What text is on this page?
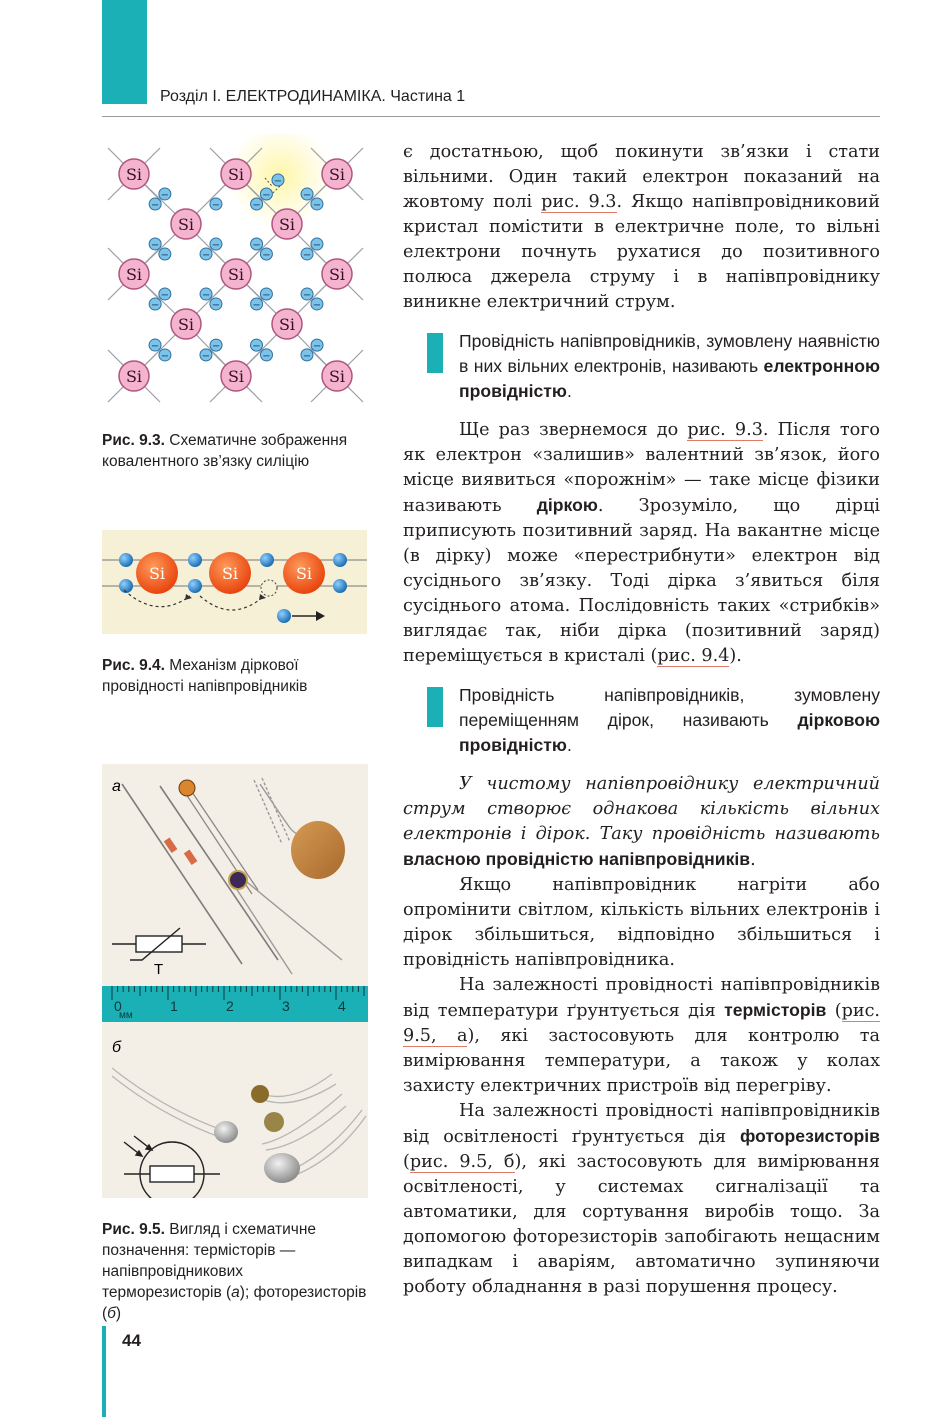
Розділ I. ЕЛЕКТРОДИНАМІКА. Частина 1
−
−	−
−
−	−
−
−
−	−
−
−
−	−
−
−
−	−
−
−
−	−
−
−
−	−
−
−
−	−
−
−
Si	Si	Si
Si	Si	Si
Si	Si	Si
Si	Si
Si	Si
Рис. 9.3. Схематичне зображення ковалентного зв’язку силіцію
Si	Si	Si
Рис. 9.4. Механізм діркової провідності напівпровідників
а
T
0	1	2	3	4
мм
б
Рис. 9.5. Вигляд і схематичне позначення: термісторів — напівпровідникових терморезисторів (а); фоторезисторів (б)

є достатньою, щоб покинути зв’язки і стати вільними. Один такий електрон показаний на жовтому полі рис. 9.3. Якщо напівпровідниковий кристал помістити в електричне поле, то вільні електрони почнуть рухатися до позитивного полюса джерела струму і в напівпровіднику виникне електричний струм.

Провідність напівпровідників, зумовлену наявністю в них вільних електронів, називають електронною провідністю.

Ще раз звернемося до рис. 9.3. Після того як електрон «залишив» валентний зв’язок, його місце виявиться «порожнім» — таке місце фізики називають діркою. Зрозуміло, що дірці приписують позитивний заряд. На вакантне місце (в дірку) може «перестрибнути» електрон від сусіднього зв’язку. Тоді дірка з’явиться біля сусіднього атома. Послідовність таких «стрибків» виглядає так, ніби дірка (позитивний заряд) переміщується в кристалі (рис. 9.4).

Провідність напівпровідників, зумовлену переміщенням дірок, називають дірковою провідністю.

У чистому напівпровіднику електричний струм створює однакова кількість вільних електронів і дірок. Таку провідність називають власною провідністю напівпровідників.

Якщо напівпровідник нагріти або опромінити світлом, кількість вільних електронів і дірок збільшиться, відповідно збільшиться і провідність напівпровідника.

На залежності провідності напівпровідників від температури ґрунтується дія термісторів (рис. 9.5, а), які застосовують для контролю та вимірювання температури, а також у колах захисту електричних пристроїв від перегріву.

На залежності провідності напівпровідників від освітленості ґрунтується дія фоторезисторів (рис. 9.5, б), які застосовують для вимірювання освітленості, у системах сигналізації та автоматики, для сортування виробів тощо. За допомогою фоторезисторів запобігають нещасним випадкам і аваріям, автоматично зупиняючи роботу обладнання в разі порушення процесу.

44
